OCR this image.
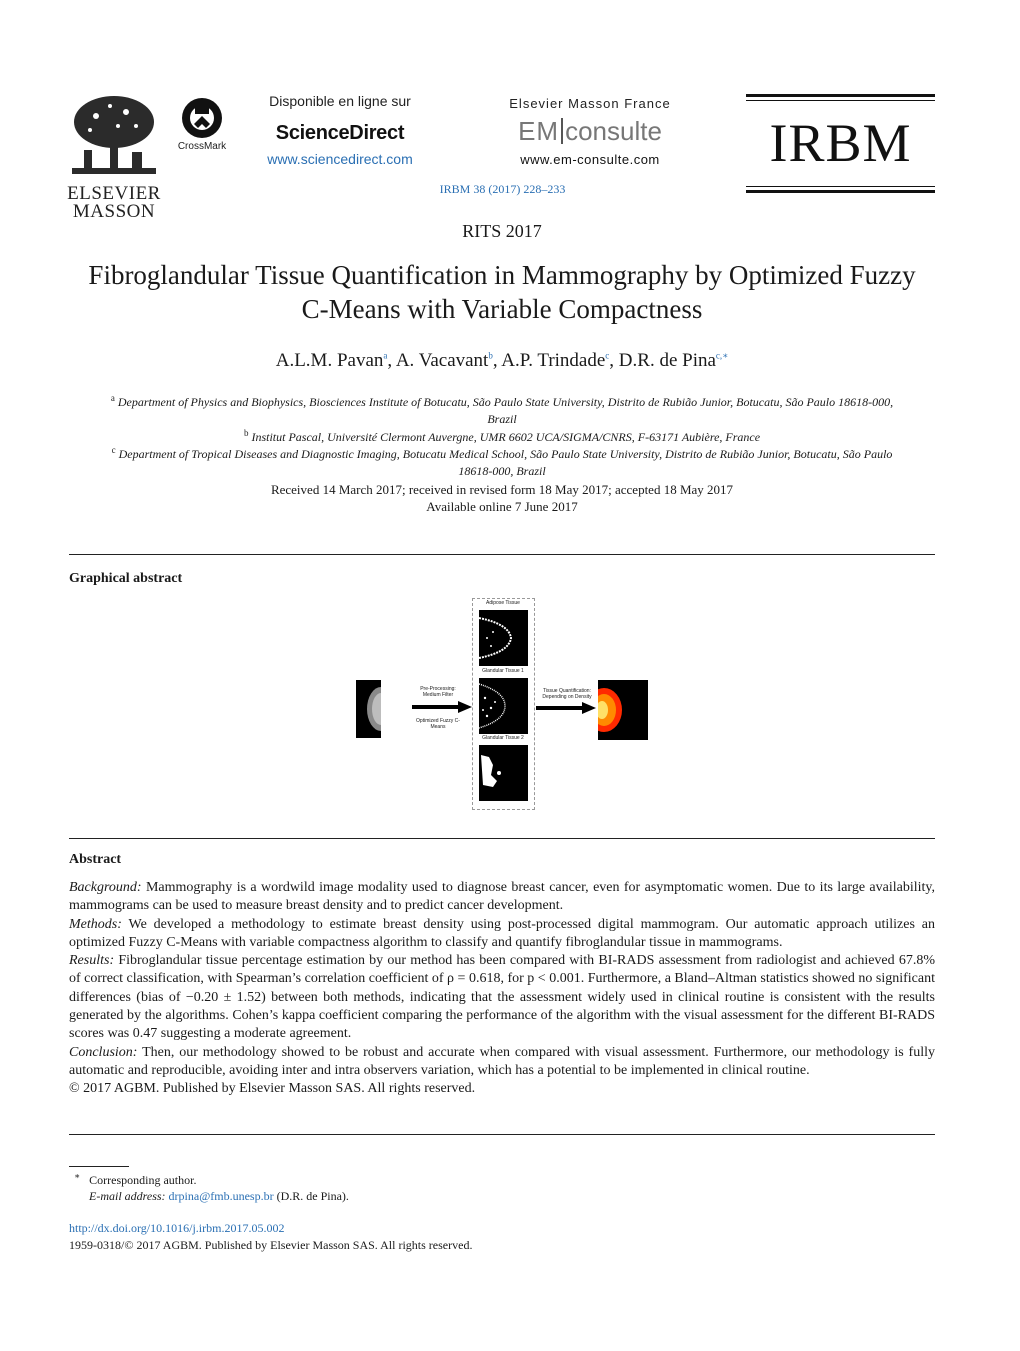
ELSEVIER
MASSON
CrossMark
Disponible en ligne sur
ScienceDirect
www.sciencedirect.com
Elsevier Masson France
EM consulte
www.em-consulte.com	IRBM
IRBM 38 (2017) 228–233
RITS 2017
Fibroglandular Tissue Quantification in Mammography by Optimized Fuzzy
C-Means with Variable Compactness
A.L.M. Pavan$^a$, A. Vacavant$^b$, A.P. Trindade$^c$, D.R. de Pina$^{c,∗}$
$^a$ Department of Physics and Biophysics, Biosciences Institute of Botucatu, São Paulo State University, Distrito de Rubião Junior, Botucatu, São Paulo 18618-000,
Brazil
$^b$ Institut Pascal, Université Clermont Auvergne, UMR 6602 UCA/SIGMA/CNRS, F-63171 Aubière, France
$^c$ Department of Tropical Diseases and Diagnostic Imaging, Botucatu Medical School, São Paulo State University, Distrito de Rubião Junior, Botucatu, São Paulo
18618-000, Brazil
Received 14 March 2017; received in revised form 18 May 2017; accepted 18 May 2017
Available online 7 June 2017
Graphical abstract
Pre-Processing: Medium Filter
Optimized Fuzzy C-Means
Adipose Tissue
Glandular Tissue 1
Glandular Tissue 2
Tissue Quantification: Depending on Density
Abstract

Background: Mammography is a wordwild image modality used to diagnose breast cancer, even for asymptomatic women. Due to its large availability, mammograms can be used to measure breast density and to predict cancer development.

Methods: We developed a methodology to estimate breast density using post-processed digital mammogram. Our automatic approach utilizes an optimized Fuzzy C-Means with variable compactness algorithm to classify and quantify fibroglandular tissue in mammograms.

Results: Fibroglandular tissue percentage estimation by our method has been compared with BI-RADS assessment from radiologist and achieved 67.8% of correct classification, with Spearman’s correlation coefficient of ρ = 0.618, for p < 0.001. Furthermore, a Bland–Altman statistics showed no significant differences (bias of −0.20 ± 1.52) between both methods, indicating that the assessment widely used in clinical routine is consistent with the results generated by the algorithms. Cohen’s kappa coefficient comparing the performance of the algorithm with the visual assessment for the different BI-RADS scores was 0.47 suggesting a moderate agreement.

Conclusion: Then, our methodology showed to be robust and accurate when compared with visual assessment. Furthermore, our methodology is fully automatic and reproducible, avoiding inter and intra observers variation, which has a potential to be implemented in clinical routine.

© 2017 AGBM. Published by Elsevier Masson SAS. All rights reserved.

∗ Corresponding author.
E-mail address: drpina@fmb.unesp.br (D.R. de Pina).
http://dx.doi.org/10.1016/j.irbm.2017.05.002
1959-0318/© 2017 AGBM. Published by Elsevier Masson SAS. All rights reserved.
